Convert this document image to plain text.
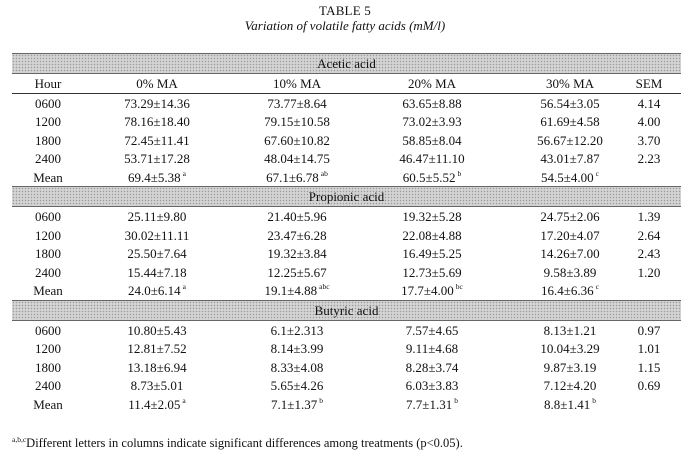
TABLE 5
Variation of volatile fatty acids (mM/l)
Acetic acid
Hour	0% MA	10% MA	20% MA	30% MA	SEM
0600	73.29±14.36	73.77±8.64	63.65±8.88	56.54±3.05	4.14
1200	78.16±18.40	79.15±10.58	73.02±3.93	61.69±4.58	4.00
1800	72.45±11.41	67.60±10.82	58.85±8.04	56.67±12.20	3.70
2400	53.71±17.28	48.04±14.75	46.47±11.10	43.01±7.87	2.23
Mean	69.4±5.38 $^a$	67.1±6.78 $^{ab}$	60.5±5.52 $^b$	54.5±4.00 $^c$
Propionic acid
0600	25.11±9.80	21.40±5.96	19.32±5.28	24.75±2.06	1.39
1200	30.02±11.11	23.47±6.28	22.08±4.88	17.20±4.07	2.64
1800	25.50±7.64	19.32±3.84	16.49±5.25	14.26±7.00	2.43
2400	15.44±7.18	12.25±5.67	12.73±5.69	9.58±3.89	1.20
Mean	24.0±6.14 $^a$	19.1±4.88 $^{abc}$	17.7±4.00 $^{bc}$	16.4±6.36 $^c$
Butyric acid
0600	10.80±5.43	6.1±2.313	7.57±4.65	8.13±1.21	0.97
1200	12.81±7.52	8.14±3.99	9.11±4.68	10.04±3.29	1.01
1800	13.18±6.94	8.33±4.08	8.28±3.74	9.87±3.19	1.15
2400	8.73±5.01	5.65±4.26	6.03±3.83	7.12±4.20	0.69
Mean	11.4±2.05 $^a$	7.1±1.37 $^b$	7.7±1.31 $^b$	8.8±1.41 $^b$
$^{a,b,c}$Different letters in columns indicate significant differences among treatments (p<0.05).
